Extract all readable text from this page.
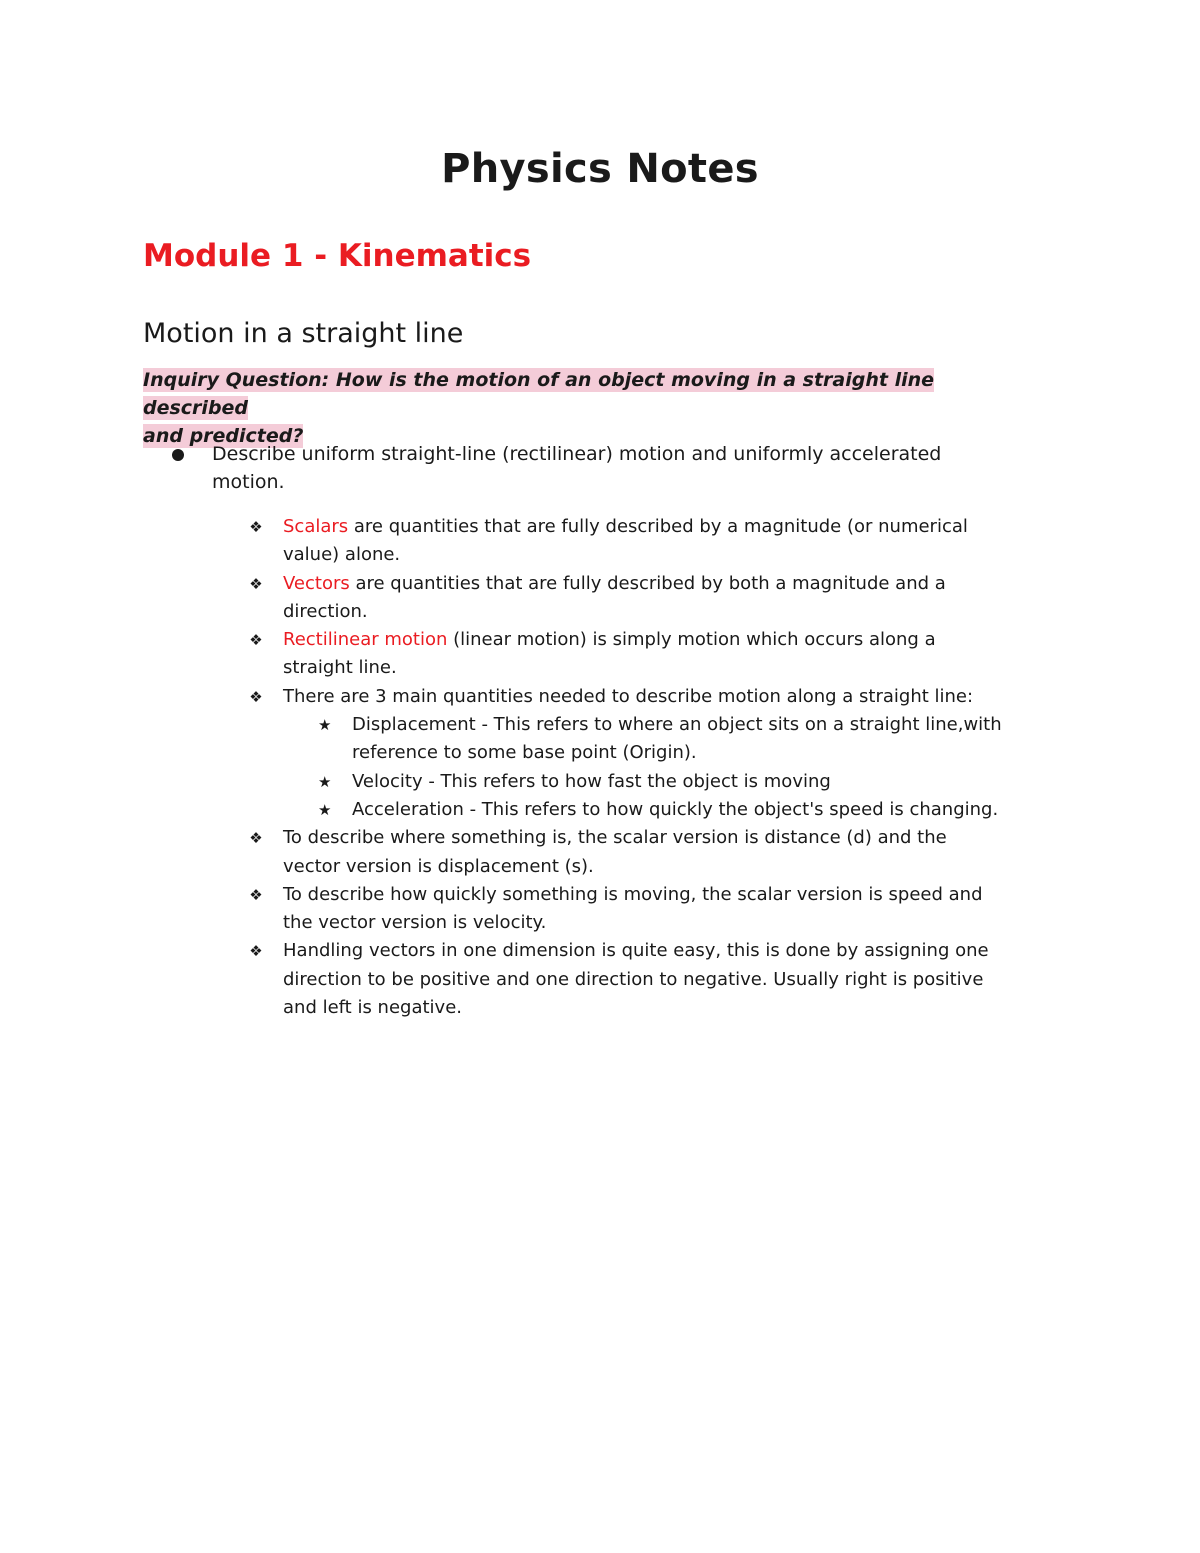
Physics Notes
Module 1 - Kinematics
Motion in a straight line
Inquiry Question: How is the motion of an object moving in a straight line described
and predicted?
Describe uniform straight-line (rectilinear) motion and uniformly accelerated
motion.
❖ Scalars are quantities that are fully described by a magnitude (or numerical
value) alone.
❖ Vectors are quantities that are fully described by both a magnitude and a
direction.
❖ Rectilinear motion (linear motion) is simply motion which occurs along a
straight line.
❖ There are 3 main quantities needed to describe motion along a straight line:
★ Displacement - This refers to where an object sits on a straight line,with
reference to some base point (Origin).
★ Velocity - This refers to how fast the object is moving
★ Acceleration - This refers to how quickly the object's speed is changing.
❖ To describe where something is, the scalar version is distance (d) and the
vector version is displacement (s).
❖ To describe how quickly something is moving, the scalar version is speed and
the vector version is velocity.
❖ Handling vectors in one dimension is quite easy, this is done by assigning one
direction to be positive and one direction to negative. Usually right is positive
and left is negative.
